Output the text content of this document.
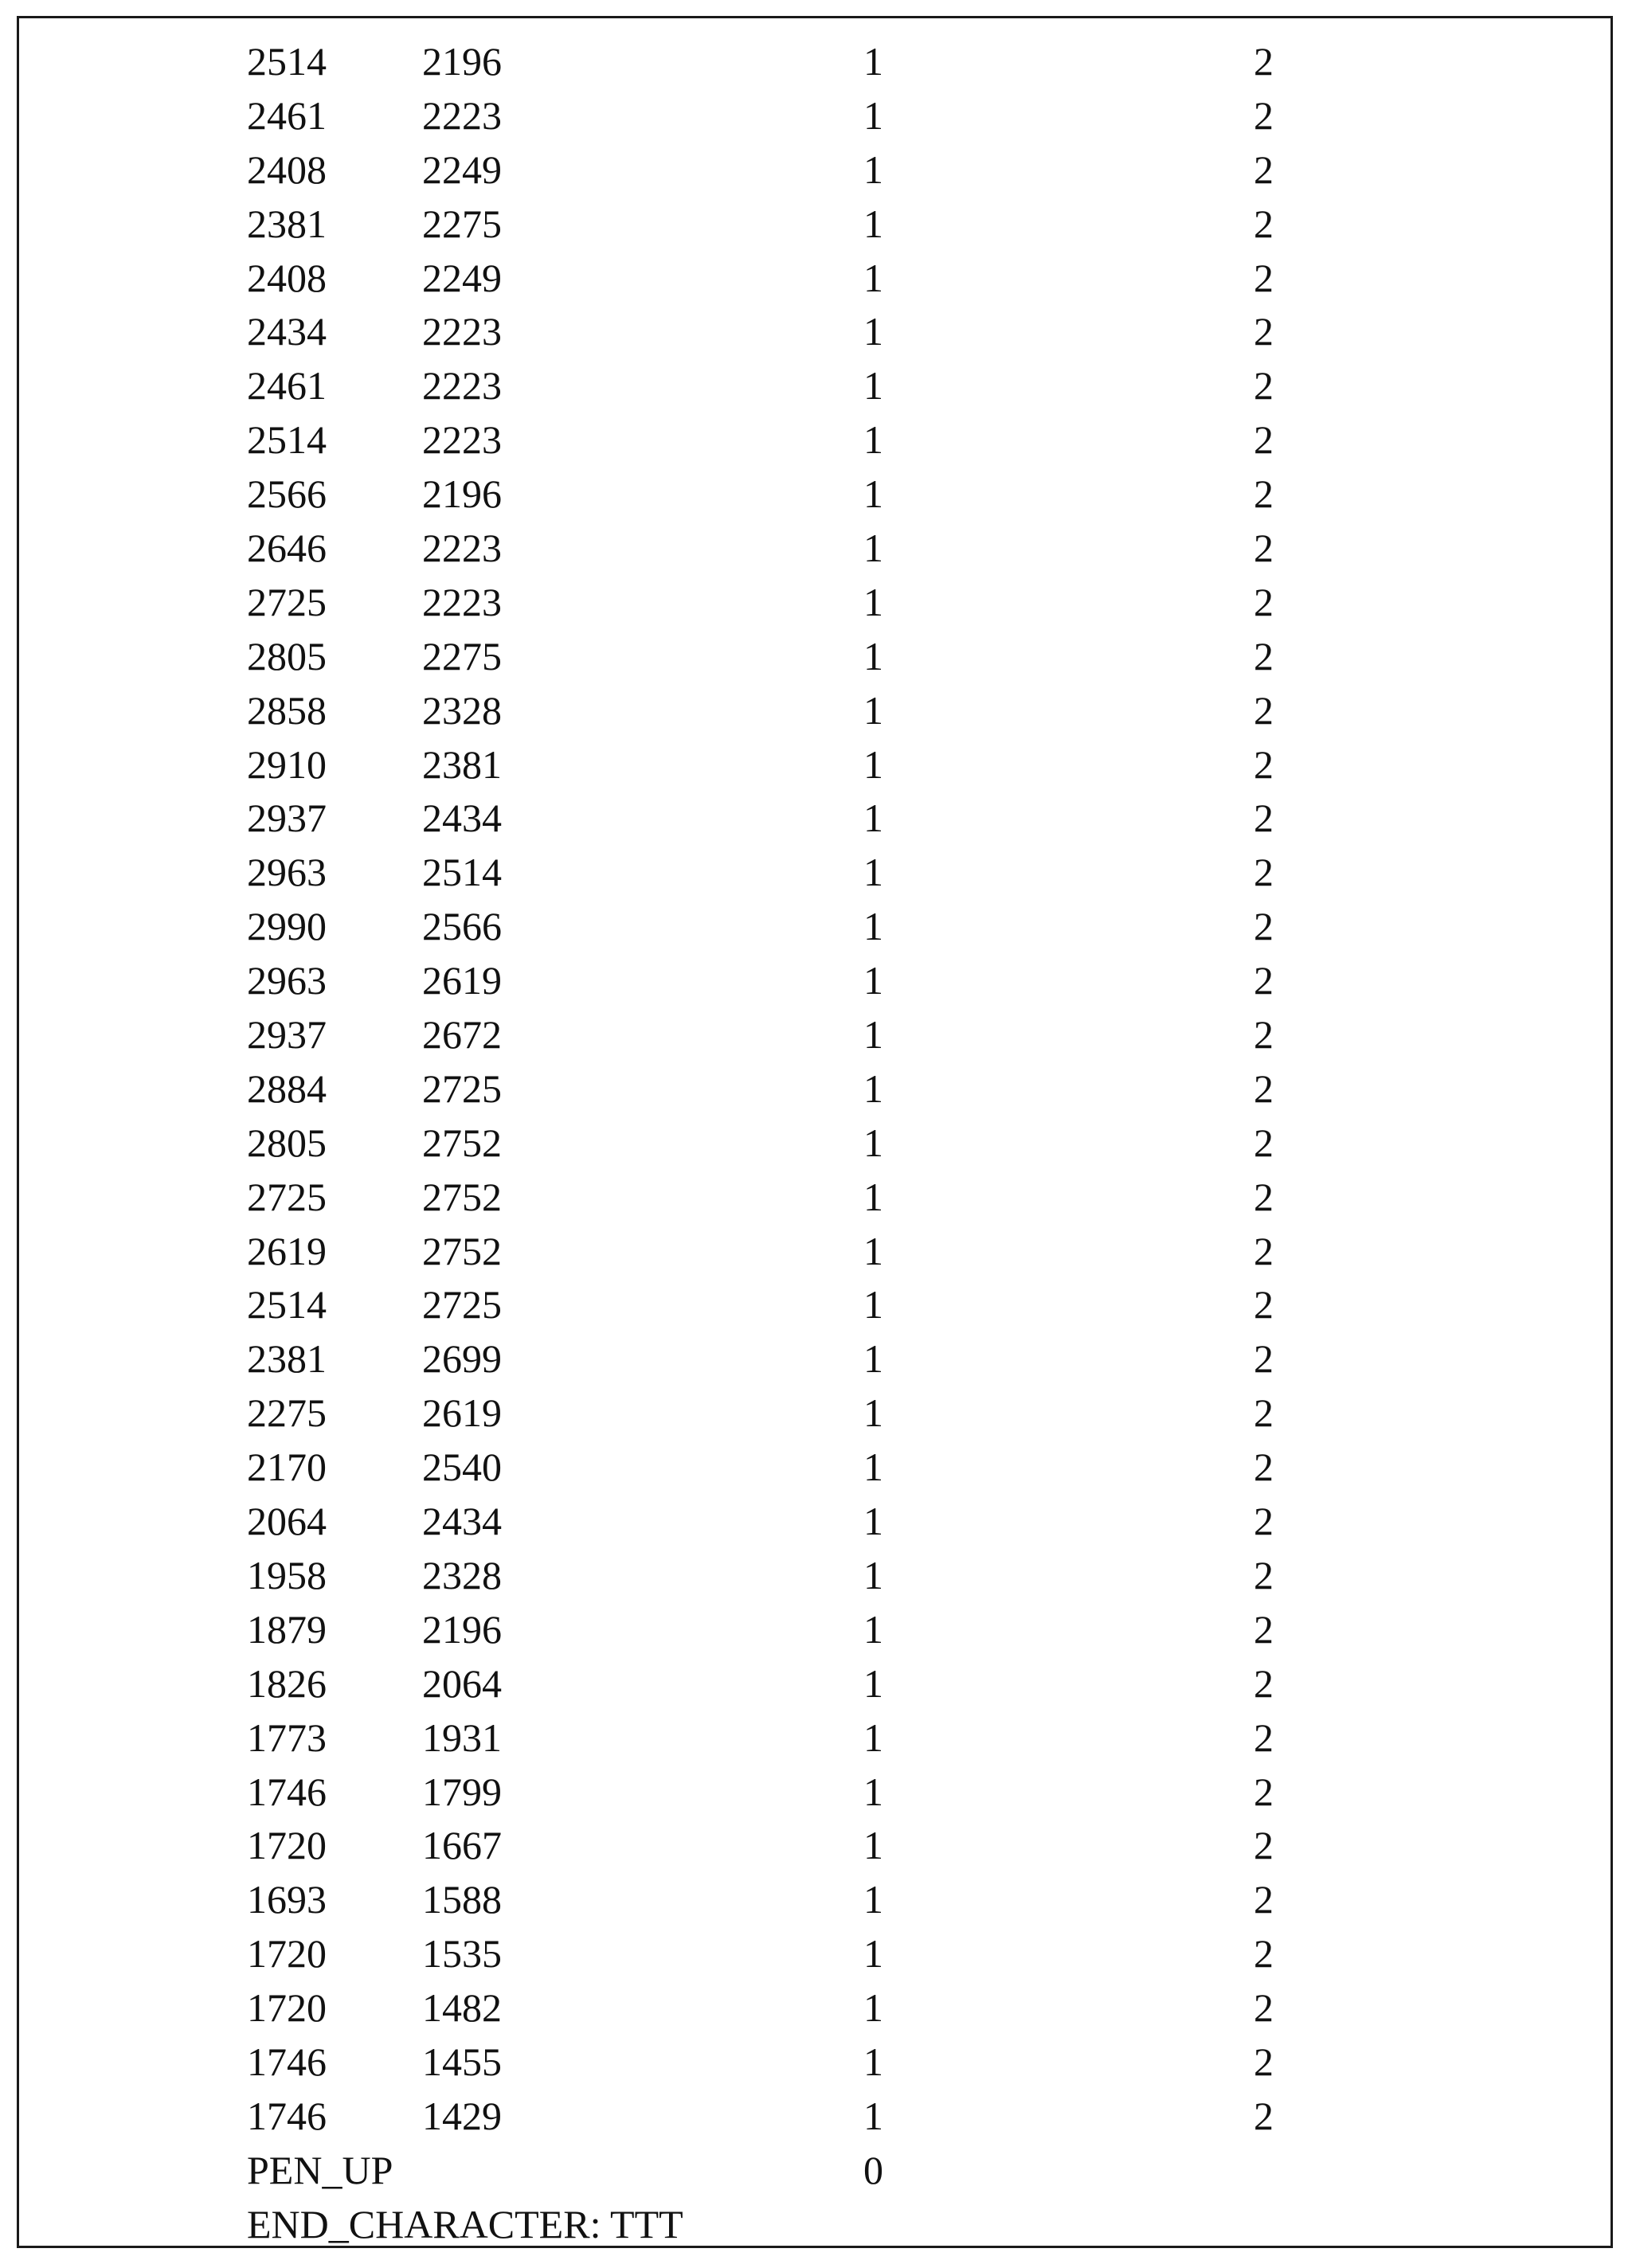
2514 2196	1	2
2461 2223	1	2
2408 2249	1	2
2381 2275	1	2
2408 2249	1	2
2434 2223	1	2
2461 2223	1	2
2514 2223	1	2
2566 2196	1	2
2646 2223	1	2
2725 2223	1	2
2805 2275	1	2
2858 2328	1	2
2910 2381	1	2
2937 2434	1	2
2963 2514	1	2
2990 2566	1	2
2963 2619	1	2
2937 2672	1	2
2884 2725	1	2
2805 2752	1	2
2725 2752	1	2
2619 2752	1	2
2514 2725	1	2
2381 2699	1	2
2275 2619	1	2
2170 2540	1	2
2064 2434	1	2
1958 2328	1	2
1879 2196	1	2
1826 2064	1	2
1773 1931	1	2
1746 1799	1	2
1720 1667	1	2
1693 1588	1	2
1720 1535	1	2
1720 1482	1	2
1746 1455	1	2
1746 1429	1	2
PEN_UP	0
END_CHARACTER: TTT
